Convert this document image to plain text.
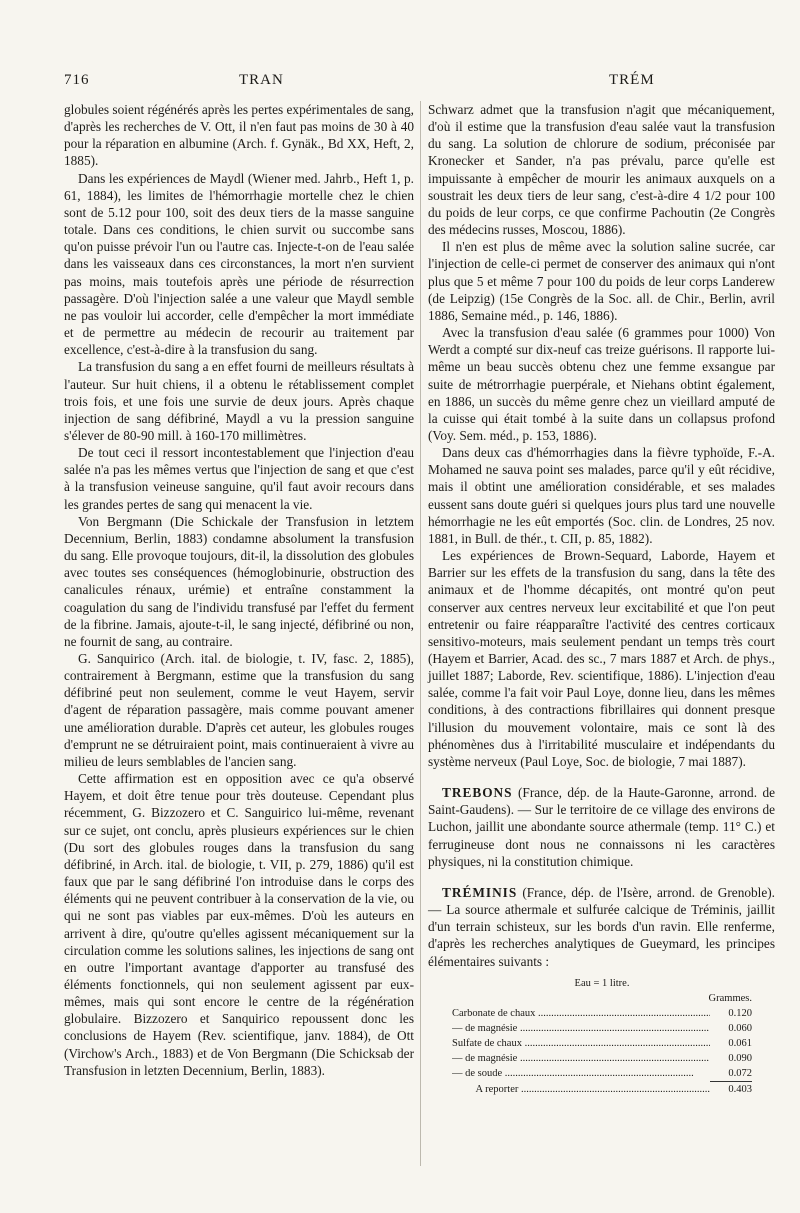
716	TRAN	TRÉM

globules soient régénérés après les pertes expérimentales de sang, d'après les recherches de V. Ott, il n'en faut pas moins de 30 à 40 pour la réparation en albumine (Arch. f. Gynäk., Bd XX, Heft, 2, 1885).

Dans les expériences de Maydl (Wiener med. Jahrb., Heft 1, p. 61, 1884), les limites de l'hémorrhagie mortelle chez le chien sont de 5.12 pour 100, soit des deux tiers de la masse sanguine totale. Dans ces conditions, le chien survit ou succombe sans qu'on puisse prévoir l'un ou l'autre cas. Injecte-t-on de l'eau salée dans les vaisseaux dans ces circonstances, la mort n'en survient pas moins, mais toutefois après une période de résurrection passagère. D'où l'injection salée a une valeur que Maydl semble ne pas vouloir lui accorder, celle d'empêcher la mort immédiate et de permettre au médecin de recourir au traitement par excellence, c'est-à-dire à la transfusion du sang.

La transfusion du sang a en effet fourni de meilleurs résultats à l'auteur. Sur huit chiens, il a obtenu le rétablissement complet trois fois, et une fois une survie de deux jours. Après chaque injection de sang défibriné, Maydl a vu la pression sanguine s'élever de 80-90 mill. à 160-170 millimètres.

De tout ceci il ressort incontestablement que l'injection d'eau salée n'a pas les mêmes vertus que l'injection de sang et que c'est à la transfusion veineuse sanguine, qu'il faut avoir recours dans les grandes pertes de sang qui menacent la vie.

Von Bergmann (Die Schickale der Transfusion in letztem Decennium, Berlin, 1883) condamne absolument la transfusion du sang. Elle provoque toujours, dit-il, la dissolution des globules avec toutes ses conséquences (hémoglobinurie, obstruction des canalicules rénaux, urémie) et entraîne constamment la coagulation du sang de l'individu transfusé par l'effet du ferment de la fibrine. Jamais, ajoute-t-il, le sang injecté, défibriné ou non, ne fournit de sang, au contraire.

G. Sanquirico (Arch. ital. de biologie, t. IV, fasc. 2, 1885), contrairement à Bergmann, estime que la transfusion du sang défibriné peut non seulement, comme le veut Hayem, servir d'agent de réparation passagère, mais comme pouvant amener une amélioration durable. D'après cet auteur, les globules rouges d'emprunt ne se détruiraient point, mais continueraient à vivre au milieu de leurs semblables de l'ancien sang.

Cette affirmation est en opposition avec ce qu'a observé Hayem, et doit être tenue pour très douteuse. Cependant plus récemment, G. Bizzozero et C. Sanguirico lui-même, revenant sur ce sujet, ont conclu, après plusieurs expériences sur le chien (Du sort des globules rouges dans la transfusion du sang défibriné, in Arch. ital. de biologie, t. VII, p. 279, 1886) qu'il est faux que par le sang défibriné l'on introduise dans le corps des éléments qui ne peuvent contribuer à la conservation de la vie, ou qui ne sont pas viables par eux-mêmes. D'où les auteurs en arrivent à dire, qu'outre qu'elles agissent mécaniquement sur la circulation comme les solutions salines, les injections de sang ont en outre l'important avantage d'apporter au transfusé des éléments fonctionnels, qui non seulement agissent par eux-mêmes, mais qui sont encore le centre de la régénération globulaire. Bizzozero et Sanquirico repoussent donc les conclusions de Hayem (Rev. scientifique, janv. 1884), de Ott (Virchow's Arch., 1883) et de Von Bergmann (Die Schicksab der Transfusion in letzten Decennium, Berlin, 1883).

Schwarz admet que la transfusion n'agit que mécaniquement, d'où il estime que la transfusion d'eau salée vaut la transfusion du sang. La solution de chlorure de sodium, préconisée par Kronecker et Sander, n'a pas prévalu, parce qu'elle est impuissante à empêcher de mourir les animaux auxquels on a soustrait les deux tiers de leur sang, c'est-à-dire 4 1/2 pour 100 du poids de leur corps, ce que confirme Pachoutin (2e Congrès des médecins russes, Moscou, 1886).

Il n'en est plus de même avec la solution saline sucrée, car l'injection de celle-ci permet de conserver des animaux qui n'ont plus que 5 et même 7 pour 100 du poids de leur corps Landerew (de Leipzig) (15e Congrès de la Soc. all. de Chir., Berlin, avril 1886, Semaine méd., p. 146, 1886).

Avec la transfusion d'eau salée (6 grammes pour 1000) Von Werdt a compté sur dix-neuf cas treize guérisons. Il rapporte lui-même un beau succès obtenu chez une femme exsangue par suite de métrorrhagie puerpérale, et Niehans obtint également, en 1886, un succès du même genre chez un vieillard amputé de la cuisse qui était tombé à la suite dans un collapsus profond (Voy. Sem. méd., p. 153, 1886).

Dans deux cas d'hémorrhagies dans la fièvre typhoïde, F.-A. Mohamed ne sauva point ses malades, parce qu'il y eût récidive, mais il obtint une amélioration considérable, et ses malades eussent sans doute guéri si quelques jours plus tard une nouvelle hémorrhagie ne les eût emportés (Soc. clin. de Londres, 25 nov. 1881, in Bull. de thér., t. CII, p. 85, 1882).

Les expériences de Brown-Sequard, Laborde, Hayem et Barrier sur les effets de la transfusion du sang, dans la tête des animaux et de l'homme décapités, ont montré qu'on peut conserver aux centres nerveux leur excitabilité et que l'on peut entretenir ou faire réapparaître l'activité des centres corticaux sensitivo-moteurs, mais seulement pendant un temps très court (Hayem et Barrier, Acad. des sc., 7 mars 1887 et Arch. de phys., juillet 1887; Laborde, Rev. scientifique, 1886). L'injection d'eau salée, comme l'a fait voir Paul Loye, donne lieu, dans les mêmes conditions, à des contractions fibrillaires qui donnent presque l'illusion du mouvement volontaire, mais ce sont là des phénomènes dus à l'irritabilité musculaire et indépendants du système nerveux (Paul Loye, Soc. de biologie, 7 mai 1887).

TREBONS (France, dép. de la Haute-Garonne, arrond. de Saint-Gaudens). — Sur le territoire de ce village des environs de Luchon, jaillit une abondante source athermale (temp. 11° C.) et ferrugineuse dont nous ne connaissons ni les caractères physiques, ni la constitution chimique.

TRÉMINIS (France, dép. de l'Isère, arrond. de Grenoble). — La source athermale et sulfurée calcique de Tréminis, jaillit d'un terrain schisteux, sur les bords d'un ravin. Elle renferme, d'après les recherches analytiques de Gueymard, les principes élémentaires suivants :

Eau = 1 litre.
Grammes.
Carbonate de chaux .....	0.120
— de magnésie .....	0.060
Sulfate de chaux .....	0.061
— de magnésie .....	0.090
— de soude .....	0.072
A reporter .....	0.403
